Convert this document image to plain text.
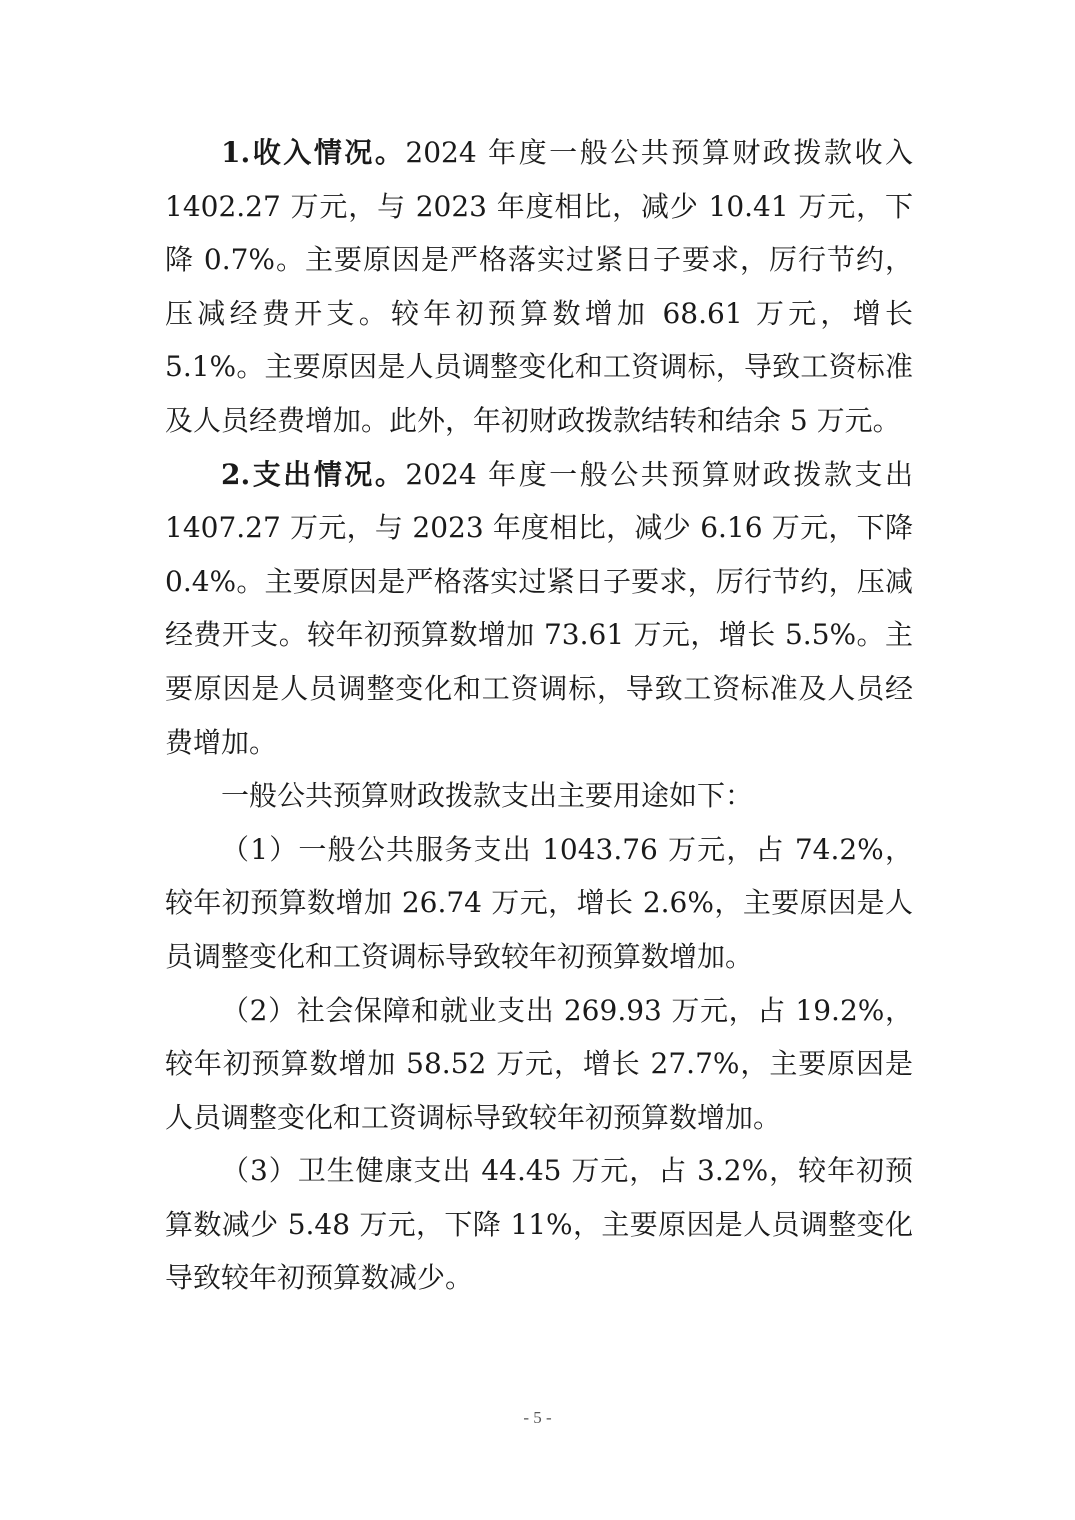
1.收入情况。2024 年度一般公共预算财政拨款收入 1402.27 万元，与 2023 年度相比，减少 10.41 万元，下降 0.7%。主要原因是严格落实过紧日子要求，厉行节约，压减经费开支。较年初预算数增加 68.61 万元，增长 5.1%。主要原因是人员调整变化和工资调标，导致工资标准及人员经费增加。此外，年初财政拨款结转和结余 5 万元。

2.支出情况。2024 年度一般公共预算财政拨款支出 1407.27 万元，与 2023 年度相比，减少 6.16 万元，下降 0.4%。主要原因是严格落实过紧日子要求，厉行节约，压减经费开支。较年初预算数增加 73.61 万元，增长 5.5%。主要原因是人员调整变化和工资调标，导致工资标准及人员经费增加。

一般公共预算财政拨款支出主要用途如下：

（1）一般公共服务支出 1043.76 万元，占 74.2%，较年初预算数增加 26.74 万元，增长 2.6%，主要原因是人员调整变化和工资调标导致较年初预算数增加。

（2）社会保障和就业支出 269.93 万元，占 19.2%，较年初预算数增加 58.52 万元，增长 27.7%，主要原因是人员调整变化和工资调标导致较年初预算数增加。

（3）卫生健康支出 44.45 万元，占 3.2%，较年初预算数减少 5.48 万元，下降 11%，主要原因是人员调整变化导致较年初预算数减少。

- 5 -
